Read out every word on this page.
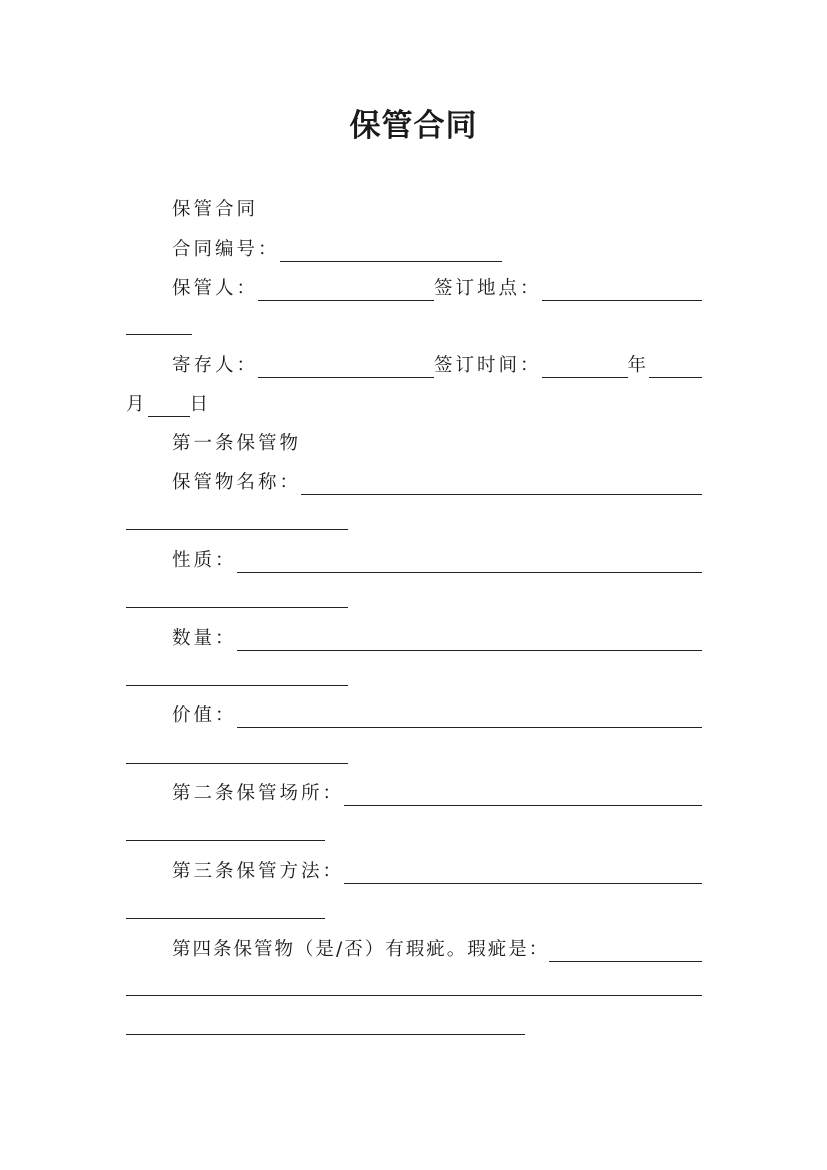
保管合同
保管合同
合同编号：
保管人：	签订地点：
寄存人：	签订时间：	年
月 日
第一条保管物
保管物名称：
性质：
数量：
价值：
第二条保管场所：
第三条保管方法：
第四条保管物（是/否）有瑕疵。瑕疵是：
